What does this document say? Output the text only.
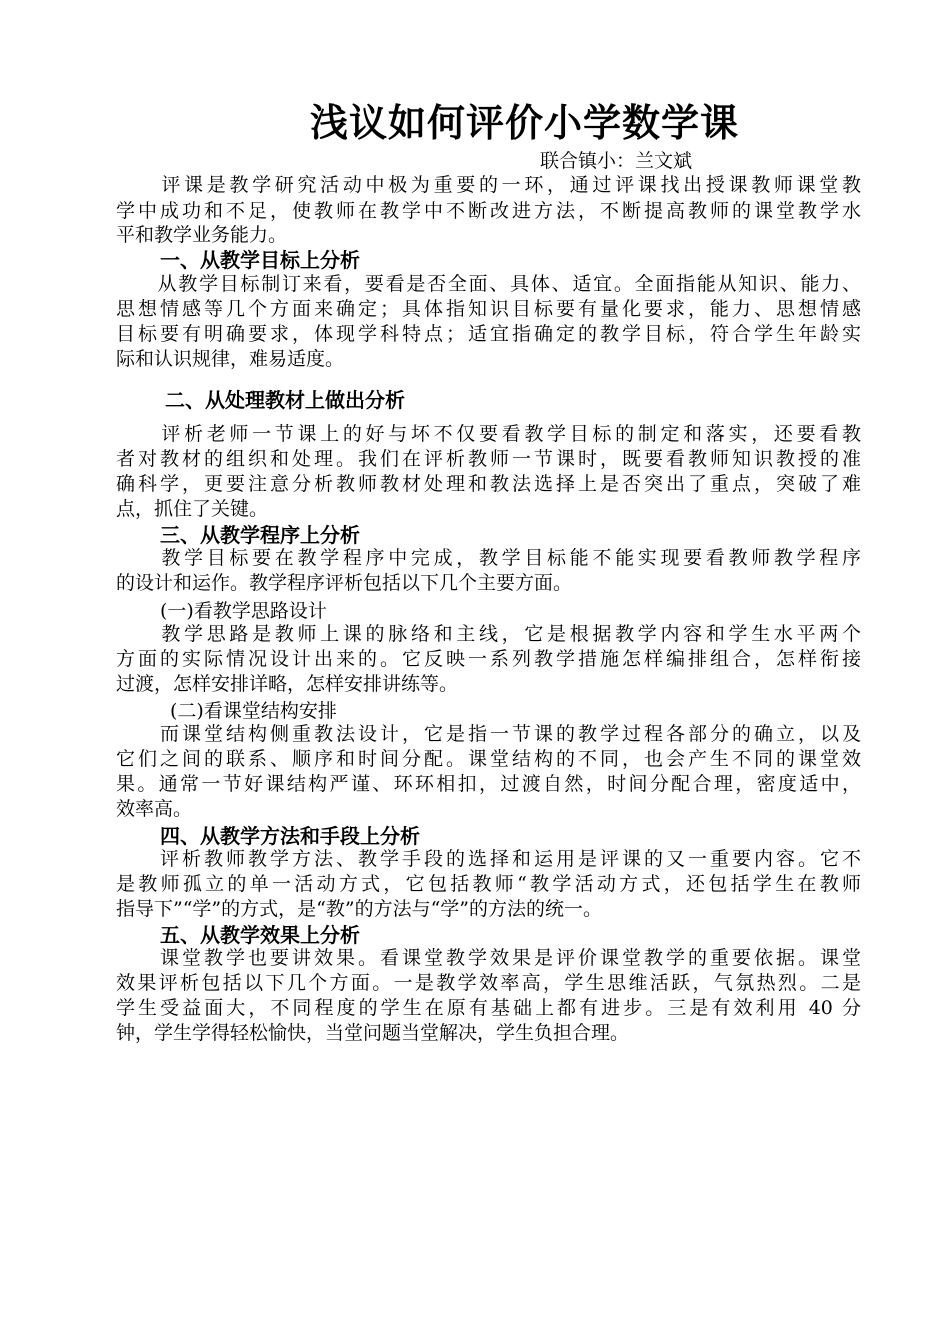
浅议如何评价小学数学课
联合镇小：兰文斌
　　评课是教学研究活动中极为重要的一环，通过评课找出授课教师课堂教
学中成功和不足，使教师在教学中不断改进方法，不断提高教师的课堂教学水
平和教学业务能力。
一、从教学目标上分析
　　从教学目标制订来看，要看是否全面、具体、适宜。全面指能从知识、能力、
思想情感等几个方面来确定；具体指知识目标要有量化要求，能力、思想情感
目标要有明确要求，体现学科特点；适宜指确定的教学目标，符合学生年龄实
际和认识规律，难易适度。
二、从处理教材上做出分析
　　评析老师一节课上的好与坏不仅要看教学目标的制定和落实，还要看教
者对教材的组织和处理。我们在评析教师一节课时，既要看教师知识教授的准
确科学，更要注意分析教师教材处理和教法选择上是否突出了重点，突破了难
点，抓住了关键。
三、从教学程序上分析
　　教学目标要在教学程序中完成，教学目标能不能实现要看教师教学程序
的设计和运作。教学程序评析包括以下几个主要方面。
(一)看教学思路设计
　　教学思路是教师上课的脉络和主线，它是根据教学内容和学生水平两个
方面的实际情况设计出来的。它反映一系列教学措施怎样编排组合，怎样衔接
过渡，怎样安排详略，怎样安排讲练等。
(二)看课堂结构安排
　　而课堂结构侧重教法设计，它是指一节课的教学过程各部分的确立，以及
它们之间的联系、顺序和时间分配。课堂结构的不同，也会产生不同的课堂效
果。通常一节好课结构严谨、环环相扣，过渡自然，时间分配合理，密度适中，
效率高。
四、从教学方法和手段上分析
　　评析教师教学方法、教学手段的选择和运用是评课的又一重要内容。它不
是教师孤立的单一活动方式，它包括教师“教学活动方式，还包括学生在教师
指导下”“学”的方式，是“教”的方法与“学”的方法的统一。
五、从教学效果上分析
　　课堂教学也要讲效果。看课堂教学效果是评价课堂教学的重要依据。课堂
效果评析包括以下几个方面。一是教学效率高，学生思维活跃，气氛热烈。二是
学生受益面大，不同程度的学生在原有基础上都有进步。三是有效利用 40 分
钟，学生学得轻松愉快，当堂问题当堂解决，学生负担合理。
